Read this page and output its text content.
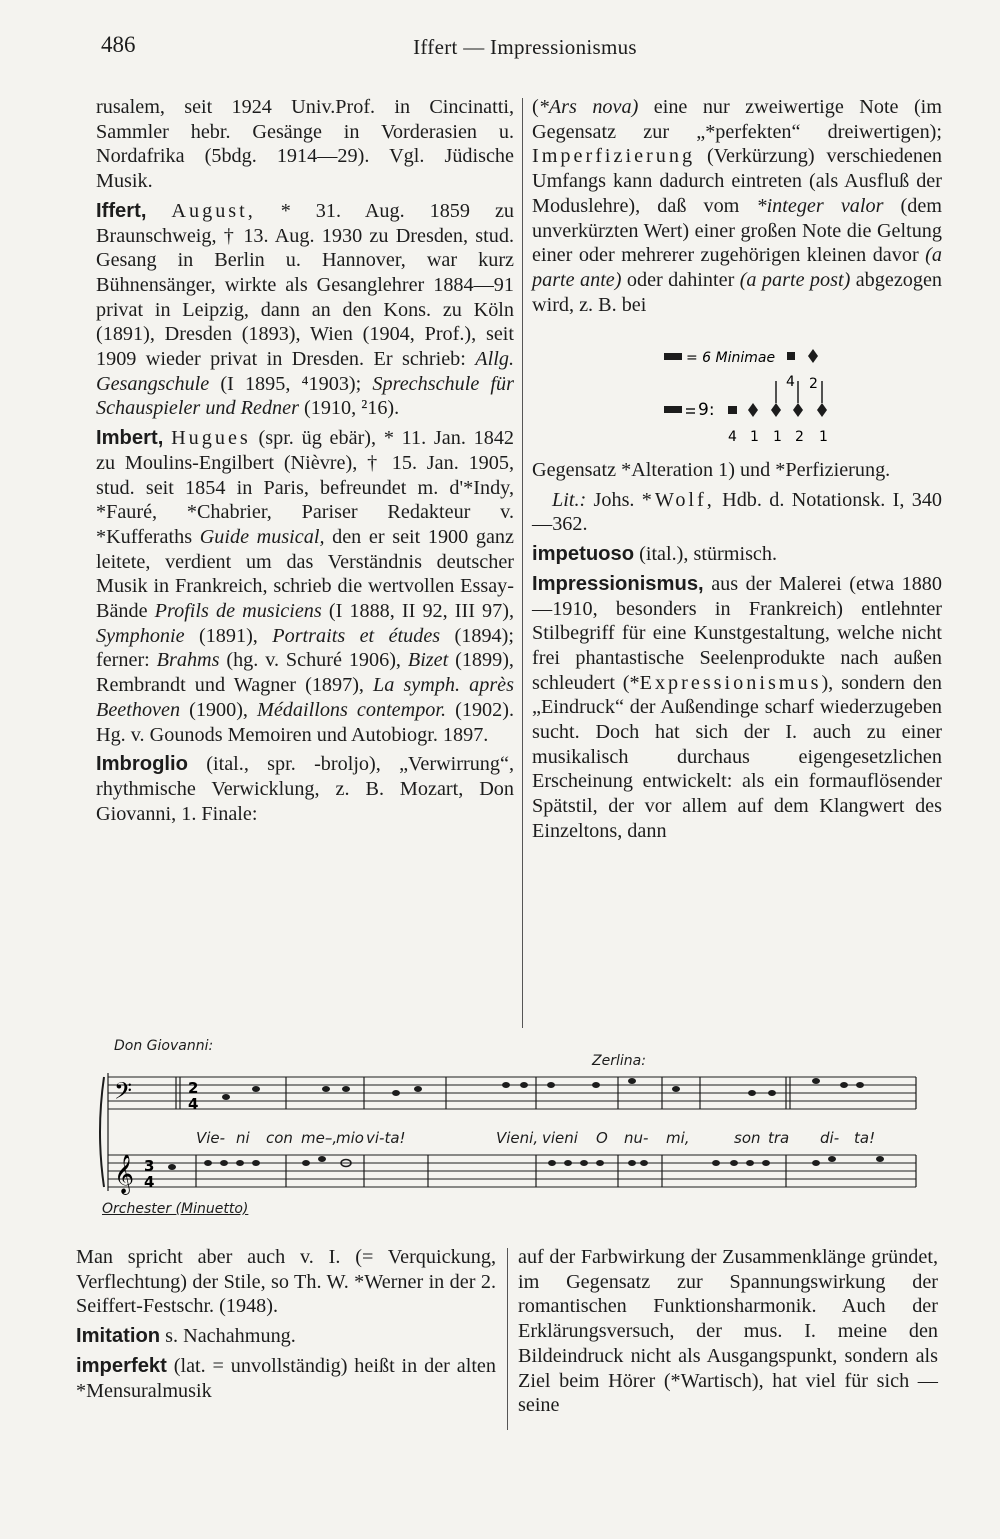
486	Iffert — Impressionismus

rusalem, seit 1924 Univ.Prof. in Cincinatti, Sammler hebr. Gesänge in Vorderasien u. Nordafrika (5bdg. 1914—29). Vgl. Jüdische Musik.

Iffert, August, * 31. Aug. 1859 zu Braunschweig, † 13. Aug. 1930 zu Dresden, stud. Gesang in Berlin u. Hannover, war kurz Bühnensänger, wirkte als Gesanglehrer 1884—91 privat in Leipzig, dann an den Kons. zu Köln (1891), Dresden (1893), Wien (1904, Prof.), seit 1909 wieder privat in Dresden. Er schrieb: Allg. Gesangschule (I 1895, ⁴1903); Sprechschule für Schauspieler und Redner (1910, ²16).

Imbert, Hugues (spr. üg ebär), * 11. Jan. 1842 zu Moulins-Engilbert (Nièvre), † 15. Jan. 1905, stud. seit 1854 in Paris, befreundet m. d'*Indy, *Fauré, *Chabrier, Pariser Redakteur v. *Kufferaths Guide musical, den er seit 1900 ganz leitete, verdient um das Verständnis deutscher Musik in Frankreich, schrieb die wertvollen Essay-Bände Profils de musiciens (I 1888, II 92, III 97), Symphonie (1891), Portraits et études (1894); ferner: Brahms (hg. v. Schuré 1906), Bizet (1899), Rembrandt und Wagner (1897), La symph. après Beethoven (1900), Médaillons contempor. (1902). Hg. v. Gounods Memoiren und Autobiogr. 1897.

Imbroglio (ital., spr. -broljo), „Verwirrung“, rhythmische Verwicklung, z. B. Mozart, Don Giovanni, 1. Finale:

(*Ars nova) eine nur zweiwertige Note (im Gegensatz zur „*perfekten“ dreiwertigen); Imperfizierung (Verkürzung) verschiedenen Umfangs kann dadurch eintreten (als Ausfluß der Moduslehre), daß vom *integer valor (dem unverkürzten Wert) einer großen Note die Geltung einer oder mehrerer zugehörigen kleinen davor (a parte ante) oder dahinter (a parte post) abgezogen wird, z. B. bei

= 6 Minimae
4 2
9:
4 1 1 2 1

Gegensatz *Alteration 1) und *Perfizierung.

Lit.: Johs. *Wolf, Hdb. d. Notationsk. I, 340—362.

impetuoso (ital.), stürmisch.

Impressionismus, aus der Malerei (etwa 1880—1910, besonders in Frankreich) entlehnter Stilbegriff für eine Kunstgestaltung, welche nicht frei phantastische Seelenprodukte nach außen schleudert (*Expressionismus), sondern den „Eindruck“ der Außendinge scharf wiederzugeben sucht. Doch hat sich der I. auch zu einer musikalisch durchaus eigengesetzlichen Erscheinung entwickelt: als ein formauflösender Spätstil, der vor allem auf dem Klangwert des Einzeltons, dann

Don Giovanni:
Zerlina:
𝄢
𝄞
2
4
3
4
Vie- ni con me–,
mio vi-ta!	Vieni, vieni O nu- mi,	son tra di- ta!
Orchester (Minuetto)

Man spricht aber auch v. I. (= Verquickung, Verflechtung) der Stile, so Th. W. *Werner in der 2. Seiffert-Festschr. (1948).

Imitation s. Nachahmung.

imperfekt (lat. = unvollständig) heißt in der alten *Mensuralmusik

auf der Farbwirkung der Zusammenklänge gründet, im Gegensatz zur Spannungswirkung der romantischen Funktionsharmonik. Auch der Erklärungsversuch, der mus. I. meine den Bildeindruck nicht als Ausgangspunkt, sondern als Ziel beim Hörer (*Wartisch), hat viel für sich — seine
